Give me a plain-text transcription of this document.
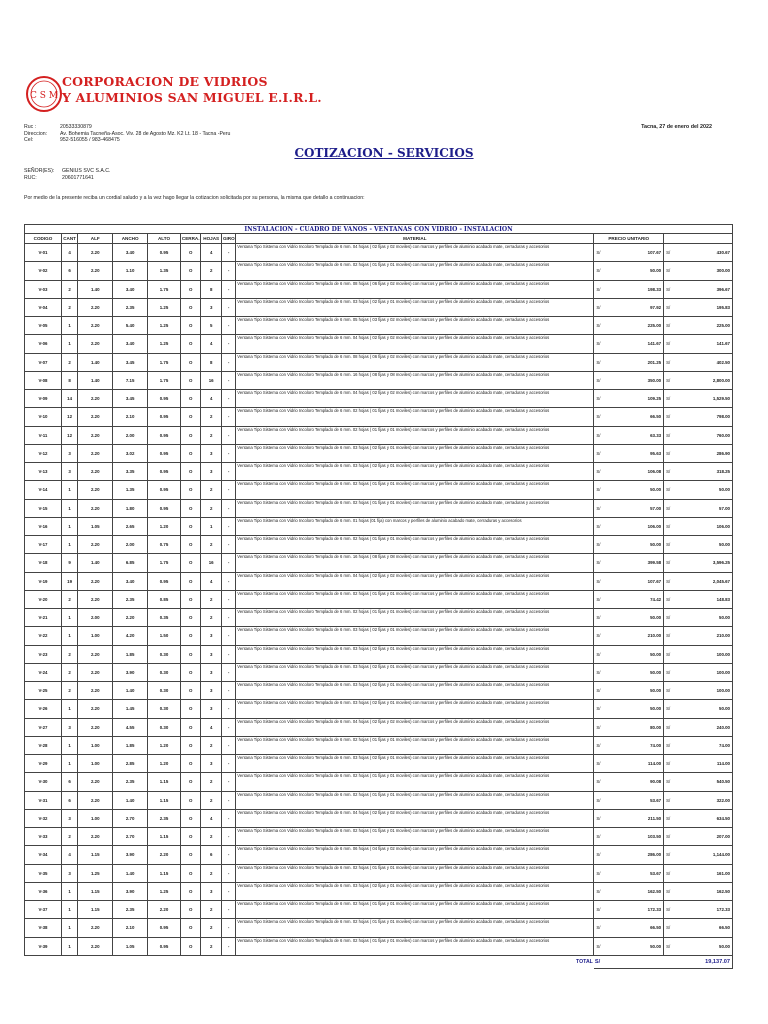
C S M
CORPORACION DE VIDRIOS
Y ALUMINIOS SAN MIGUEL E.I.R.L.
Ruc :	20533330879
Direccion:	Av. Bohemia Tacneña-Asoc. Viv. 28 de Agosto Mz. K2 Lt. 18 - Tacna -Peru
Cel:	952-516055 / 983-468475
Tacna, 27 de enero del 2022
COTIZACION - SERVICIOS
SEÑOR(ES):	GENIUS SVC S.A.C.
RUC:	20601771641
Por medio de la presente reciba un cordial saludo y a la vez hago llegar la cotizacion solicitada por su persona, la misma que detallo a continuacion:
INSTALACION - CUADRO DE VANOS - VENTANAS CON VIDRIO - INSTALACION												
CODIGO	CANT	ALF	ANCHO	ALTO	CERRA.	HOJAS	GIRO	MATERIAL	PRECIO UNITARIO			
V-01	4	2.20	3.40	0.95	O	4	-	Ventana Tipo Sistema con Vidrio Incoloro Templado de 6 mm. 04 hojas ( 02 fijas y 02 moviles) con marcos y perfiles de aluminio acabado mate, cerraduras y accesorios	S/	107.67	S/	430.67
V-02	6	2.20	1.10	1.35	O	2	-	Ventana Tipo Sistema con Vidrio Incoloro Templado de 6 mm. 02 hojas ( 01 fijas y 01 moviles) con marcos y perfiles de aluminio acabado mate, cerraduras y accesorios	S/	50.00	S/	300.00
V-03	2	1.40	3.40	1.75	O	8	-	Ventana Tipo Sistema con Vidrio Incoloro Templado de 6 mm. 08 hojas ( 06 fijas y 02 moviles) con marcos y perfiles de aluminio acabado mate, cerraduras y accesorios	S/	198.33	S/	396.67
V-04	2	2.20	2.35	1.25	O	3	-	Ventana Tipo Sistema con Vidrio Incoloro Templado de 6 mm. 03 hojas ( 02 fijas y 01 moviles) con marcos y perfiles de aluminio acabado mate, cerraduras y accesorios	S/	97.92	S/	195.83
V-05	1	2.20	5.40	1.25	O	5	-	Ventana Tipo Sistema con Vidrio Incoloro Templado de 6 mm. 05 hojas ( 03 fijas y 02 moviles) con marcos y perfiles de aluminio acabado mate, cerraduras y accesorios	S/	225.00	S/	225.00
V-06	1	2.20	3.40	1.25	O	4	-	Ventana Tipo Sistema con Vidrio Incoloro Templado de 6 mm. 04 hojas ( 02 fijas y 02 moviles) con marcos y perfiles de aluminio acabado mate, cerraduras y accesorios	S/	141.67	S/	141.67
V-07	2	1.40	3.45	1.75	O	8	-	Ventana Tipo Sistema con Vidrio Incoloro Templado de 6 mm. 08 hojas ( 06 fijas y 02 moviles) con marcos y perfiles de aluminio acabado mate, cerraduras y accesorios	S/	201.25	S/	402.50
V-08	8	1.40	7.15	1.75	O	16	-	Ventana Tipo Sistema con Vidrio Incoloro Templado de 6 mm. 16 hojas ( 08 fijas y 08 moviles) con marcos y perfiles de aluminio acabado mate, cerraduras y accesorios	S/	350.00	S/	2,800.00
V-09	14	2.20	3.45	0.95	O	4	-	Ventana Tipo Sistema con Vidrio Incoloro Templado de 6 mm. 04 hojas ( 02 fijas y 02 moviles) con marcos y perfiles de aluminio acabado mate, cerraduras y accesorios	S/	109.25	S/	1,529.50
V-10	12	2.20	2.10	0.95	O	2	-	Ventana Tipo Sistema con Vidrio Incoloro Templado de 6 mm. 02 hojas ( 01 fijas y 01 moviles) con marcos y perfiles de aluminio acabado mate, cerraduras y accesorios	S/	66.50	S/	798.00
V-11	12	2.20	2.00	0.95	O	2	-	Ventana Tipo Sistema con Vidrio Incoloro Templado de 6 mm. 02 hojas ( 01 fijas y 01 moviles) con marcos y perfiles de aluminio acabado mate, cerraduras y accesorios	S/	63.33	S/	760.00
V-12	3	2.20	3.02	0.95	O	3	-	Ventana Tipo Sistema con Vidrio Incoloro Templado de 6 mm. 03 hojas ( 02 fijas y 01 moviles) con marcos y perfiles de aluminio acabado mate, cerraduras y accesorios	S/	95.63	S/	286.90
V-13	3	2.20	3.35	0.95	O	3	-	Ventana Tipo Sistema con Vidrio Incoloro Templado de 6 mm. 03 hojas ( 02 fijas y 01 moviles) con marcos y perfiles de aluminio acabado mate, cerraduras y accesorios	S/	106.08	S/	318.25
V-14	1	2.20	1.35	0.95	O	2	-	Ventana Tipo Sistema con Vidrio Incoloro Templado de 6 mm. 02 hojas ( 01 fijas y 01 moviles) con marcos y perfiles de aluminio acabado mate, cerraduras y accesorios	S/	50.00	S/	50.00
V-15	1	2.20	1.80	0.95	O	2	-	Ventana Tipo Sistema con Vidrio Incoloro Templado de 6 mm. 02 hojas ( 01 fijas y 01 moviles) con marcos y perfiles de aluminio acabado mate, cerraduras y accesorios	S/	57.00	S/	57.00
V-16	1	1.05	2.65	1.20	O	1	-	Ventana Tipo Sistema con Vidrio Incoloro Templado de 6 mm. 01 hojas (01 fija) con marcos y perfiles de aluminio acabado mate, cerraduras y accesorios	S/	106.00	S/	106.00
V-17	1	2.20	2.00	0.75	O	2	-	Ventana Tipo Sistema con Vidrio Incoloro Templado de 6 mm. 02 hojas ( 01 fijas y 01 moviles) con marcos y perfiles de aluminio acabado mate, cerraduras y accesorios	S/	50.00	S/	50.00
V-18	9	1.40	6.85	1.75	O	16	-	Ventana Tipo Sistema con Vidrio Incoloro Templado de 6 mm. 16 hojas ( 08 fijas y 08 moviles) con marcos y perfiles de aluminio acabado mate, cerraduras y accesorios	S/	399.58	S/	3,596.25
V-19	19	2.20	3.40	0.95	O	4	-	Ventana Tipo Sistema con Vidrio Incoloro Templado de 6 mm. 04 hojas ( 02 fijas y 02 moviles) con marcos y perfiles de aluminio acabado mate, cerraduras y accesorios	S/	107.67	S/	2,045.67
V-20	2	2.20	2.35	0.85	O	2	-	Ventana Tipo Sistema con Vidrio Incoloro Templado de 6 mm. 02 hojas ( 01 fijas y 01 moviles) con marcos y perfiles de aluminio acabado mate, cerraduras y accesorios	S/	74.42	S/	148.83
V-21	1	2.00	2.20	0.35	O	2	-	Ventana Tipo Sistema con Vidrio Incoloro Templado de 6 mm. 02 hojas ( 01 fijas y 01 moviles) con marcos y perfiles de aluminio acabado mate, cerraduras y accesorios	S/	50.00	S/	50.00
V-22	1	1.00	4.20	1.50	O	3	-	Ventana Tipo Sistema con Vidrio Incoloro Templado de 6 mm. 03 hojas ( 02 fijas y 01 moviles) con marcos y perfiles de aluminio acabado mate, cerraduras y accesorios	S/	210.00	S/	210.00
V-23	2	2.20	1.85	0.30	O	3	-	Ventana Tipo Sistema con Vidrio Incoloro Templado de 6 mm. 03 hojas ( 02 fijas y 01 moviles) con marcos y perfiles de aluminio acabado mate, cerraduras y accesorios	S/	50.00	S/	100.00
V-24	2	2.20	3.90	0.30	O	3	-	Ventana Tipo Sistema con Vidrio Incoloro Templado de 6 mm. 03 hojas ( 02 fijas y 01 moviles) con marcos y perfiles de aluminio acabado mate, cerraduras y accesorios	S/	50.00	S/	100.00
V-25	2	2.20	1.40	0.30	O	3	-	Ventana Tipo Sistema con Vidrio Incoloro Templado de 6 mm. 03 hojas ( 02 fijas y 01 moviles) con marcos y perfiles de aluminio acabado mate, cerraduras y accesorios	S/	50.00	S/	100.00
V-26	1	2.20	1.45	0.30	O	3	-	Ventana Tipo Sistema con Vidrio Incoloro Templado de 6 mm. 03 hojas ( 02 fijas y 01 moviles) con marcos y perfiles de aluminio acabado mate, cerraduras y accesorios	S/	50.00	S/	50.00
V-27	3	2.20	4.55	0.30	O	4	-	Ventana Tipo Sistema con Vidrio Incoloro Templado de 6 mm. 04 hojas ( 02 fijas y 02 moviles) con marcos y perfiles de aluminio acabado mate, cerraduras y accesorios	S/	80.00	S/	240.00
V-28	1	1.00	1.85	1.20	O	2	-	Ventana Tipo Sistema con Vidrio Incoloro Templado de 6 mm. 02 hojas ( 01 fijas y 01 moviles) con marcos y perfiles de aluminio acabado mate, cerraduras y accesorios	S/	74.00	S/	74.00
V-29	1	1.00	2.85	1.20	O	3	-	Ventana Tipo Sistema con Vidrio Incoloro Templado de 6 mm. 03 hojas ( 02 fijas y 01 moviles) con marcos y perfiles de aluminio acabado mate, cerraduras y accesorios	S/	114.00	S/	114.00
V-30	6	2.20	2.35	1.15	O	2	-	Ventana Tipo Sistema con Vidrio Incoloro Templado de 6 mm. 02 hojas ( 01 fijas y 01 moviles) con marcos y perfiles de aluminio acabado mate, cerraduras y accesorios	S/	90.08	S/	540.50
V-31	6	2.20	1.40	1.15	O	2	-	Ventana Tipo Sistema con Vidrio Incoloro Templado de 6 mm. 02 hojas ( 01 fijas y 01 moviles) con marcos y perfiles de aluminio acabado mate, cerraduras y accesorios	S/	53.67	S/	322.00
V-32	3	1.00	2.70	2.35	O	4	-	Ventana Tipo Sistema con Vidrio Incoloro Templado de 6 mm. 04 hojas ( 02 fijas y 02 moviles) con marcos y perfiles de aluminio acabado mate, cerraduras y accesorios	S/	211.50	S/	634.50
V-33	2	2.20	2.70	1.15	O	2	-	Ventana Tipo Sistema con Vidrio Incoloro Templado de 6 mm. 02 hojas ( 01 fijas y 01 moviles) con marcos y perfiles de aluminio acabado mate, cerraduras y accesorios	S/	103.50	S/	207.00
V-34	4	1.15	3.90	2.20	O	6	-	Ventana Tipo Sistema con Vidrio Incoloro Templado de 6 mm. 06 hojas ( 04 fijas y 02 moviles) con marcos y perfiles de aluminio acabado mate, cerraduras y accesorios	S/	286.00	S/	1,144.00
V-35	3	1.25	1.40	1.15	O	2	-	Ventana Tipo Sistema con Vidrio Incoloro Templado de 6 mm. 02 hojas ( 01 fijas y 01 moviles) con marcos y perfiles de aluminio acabado mate, cerraduras y accesorios	S/	53.67	S/	161.00
V-36	1	1.15	3.90	1.25	O	3	-	Ventana Tipo Sistema con Vidrio Incoloro Templado de 6 mm. 03 hojas ( 02 fijas y 01 moviles) con marcos y perfiles de aluminio acabado mate, cerraduras y accesorios	S/	162.50	S/	162.50
V-37	1	1.15	2.35	2.20	O	2	-	Ventana Tipo Sistema con Vidrio Incoloro Templado de 6 mm. 02 hojas ( 01 fijas y 01 moviles) con marcos y perfiles de aluminio acabado mate, cerraduras y accesorios	S/	172.33	S/	172.33
V-38	1	2.20	2.10	0.95	O	2	-	Ventana Tipo Sistema con Vidrio Incoloro Templado de 6 mm. 02 hojas ( 01 fijas y 01 moviles) con marcos y perfiles de aluminio acabado mate, cerraduras y accesorios	S/	66.50	S/	66.50
V-39	1	2.20	1.05	0.95	O	2	-	Ventana Tipo Sistema con Vidrio Incoloro Templado de 6 mm. 02 hojas ( 01 fijas y 01 moviles) con marcos y perfiles de aluminio acabado mate, cerraduras y accesorios	S/	50.00	S/	50.00
								TOTAL	S/		19,137.07	
